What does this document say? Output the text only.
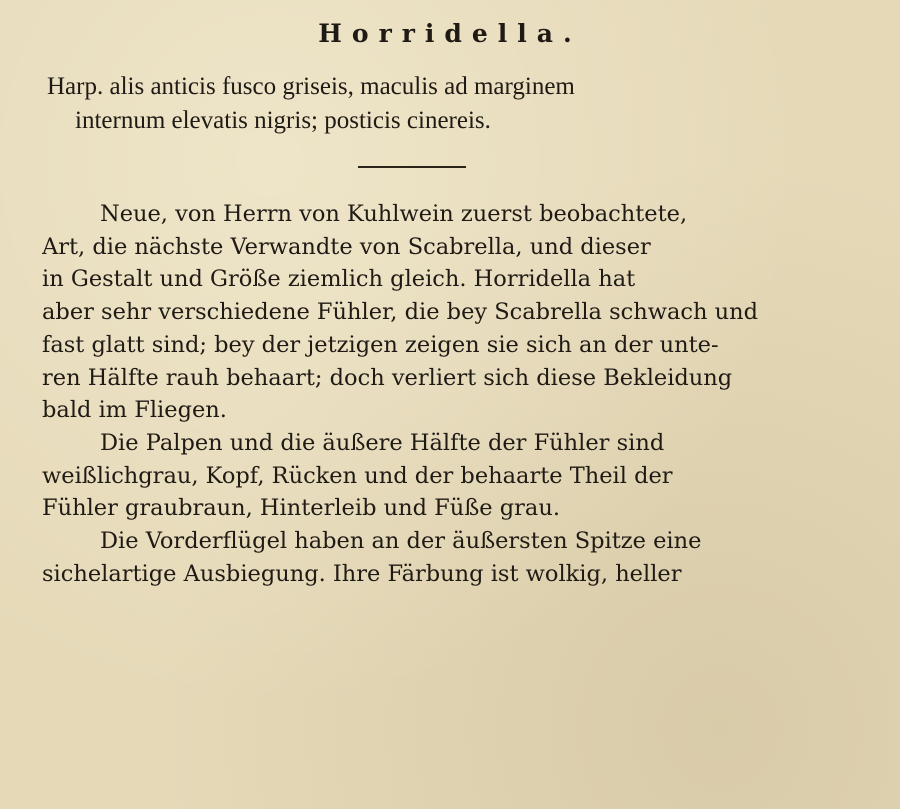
Horridella.
Harp. alis anticis fusco griseis, maculis ad marginem
internum elevatis nigris; posticis cinereis.
Neue, von Herrn von Kuhlwein zuerst beobachtete,
Art, die nächste Verwandte von Scabrella, und dieser
in Gestalt und Größe ziemlich gleich. Horridella hat
aber sehr verschiedene Fühler, die bey Scabrella schwach und
fast glatt sind; bey der jetzigen zeigen sie sich an der unte-
ren Hälfte rauh behaart; doch verliert sich diese Bekleidung
bald im Fliegen.
Die Palpen und die äußere Hälfte der Fühler sind
weißlichgrau, Kopf, Rücken und der behaarte Theil der
Fühler graubraun, Hinterleib und Füße grau.
Die Vorderflügel haben an der äußersten Spitze eine
sichelartige Ausbiegung. Ihre Färbung ist wolkig, heller
